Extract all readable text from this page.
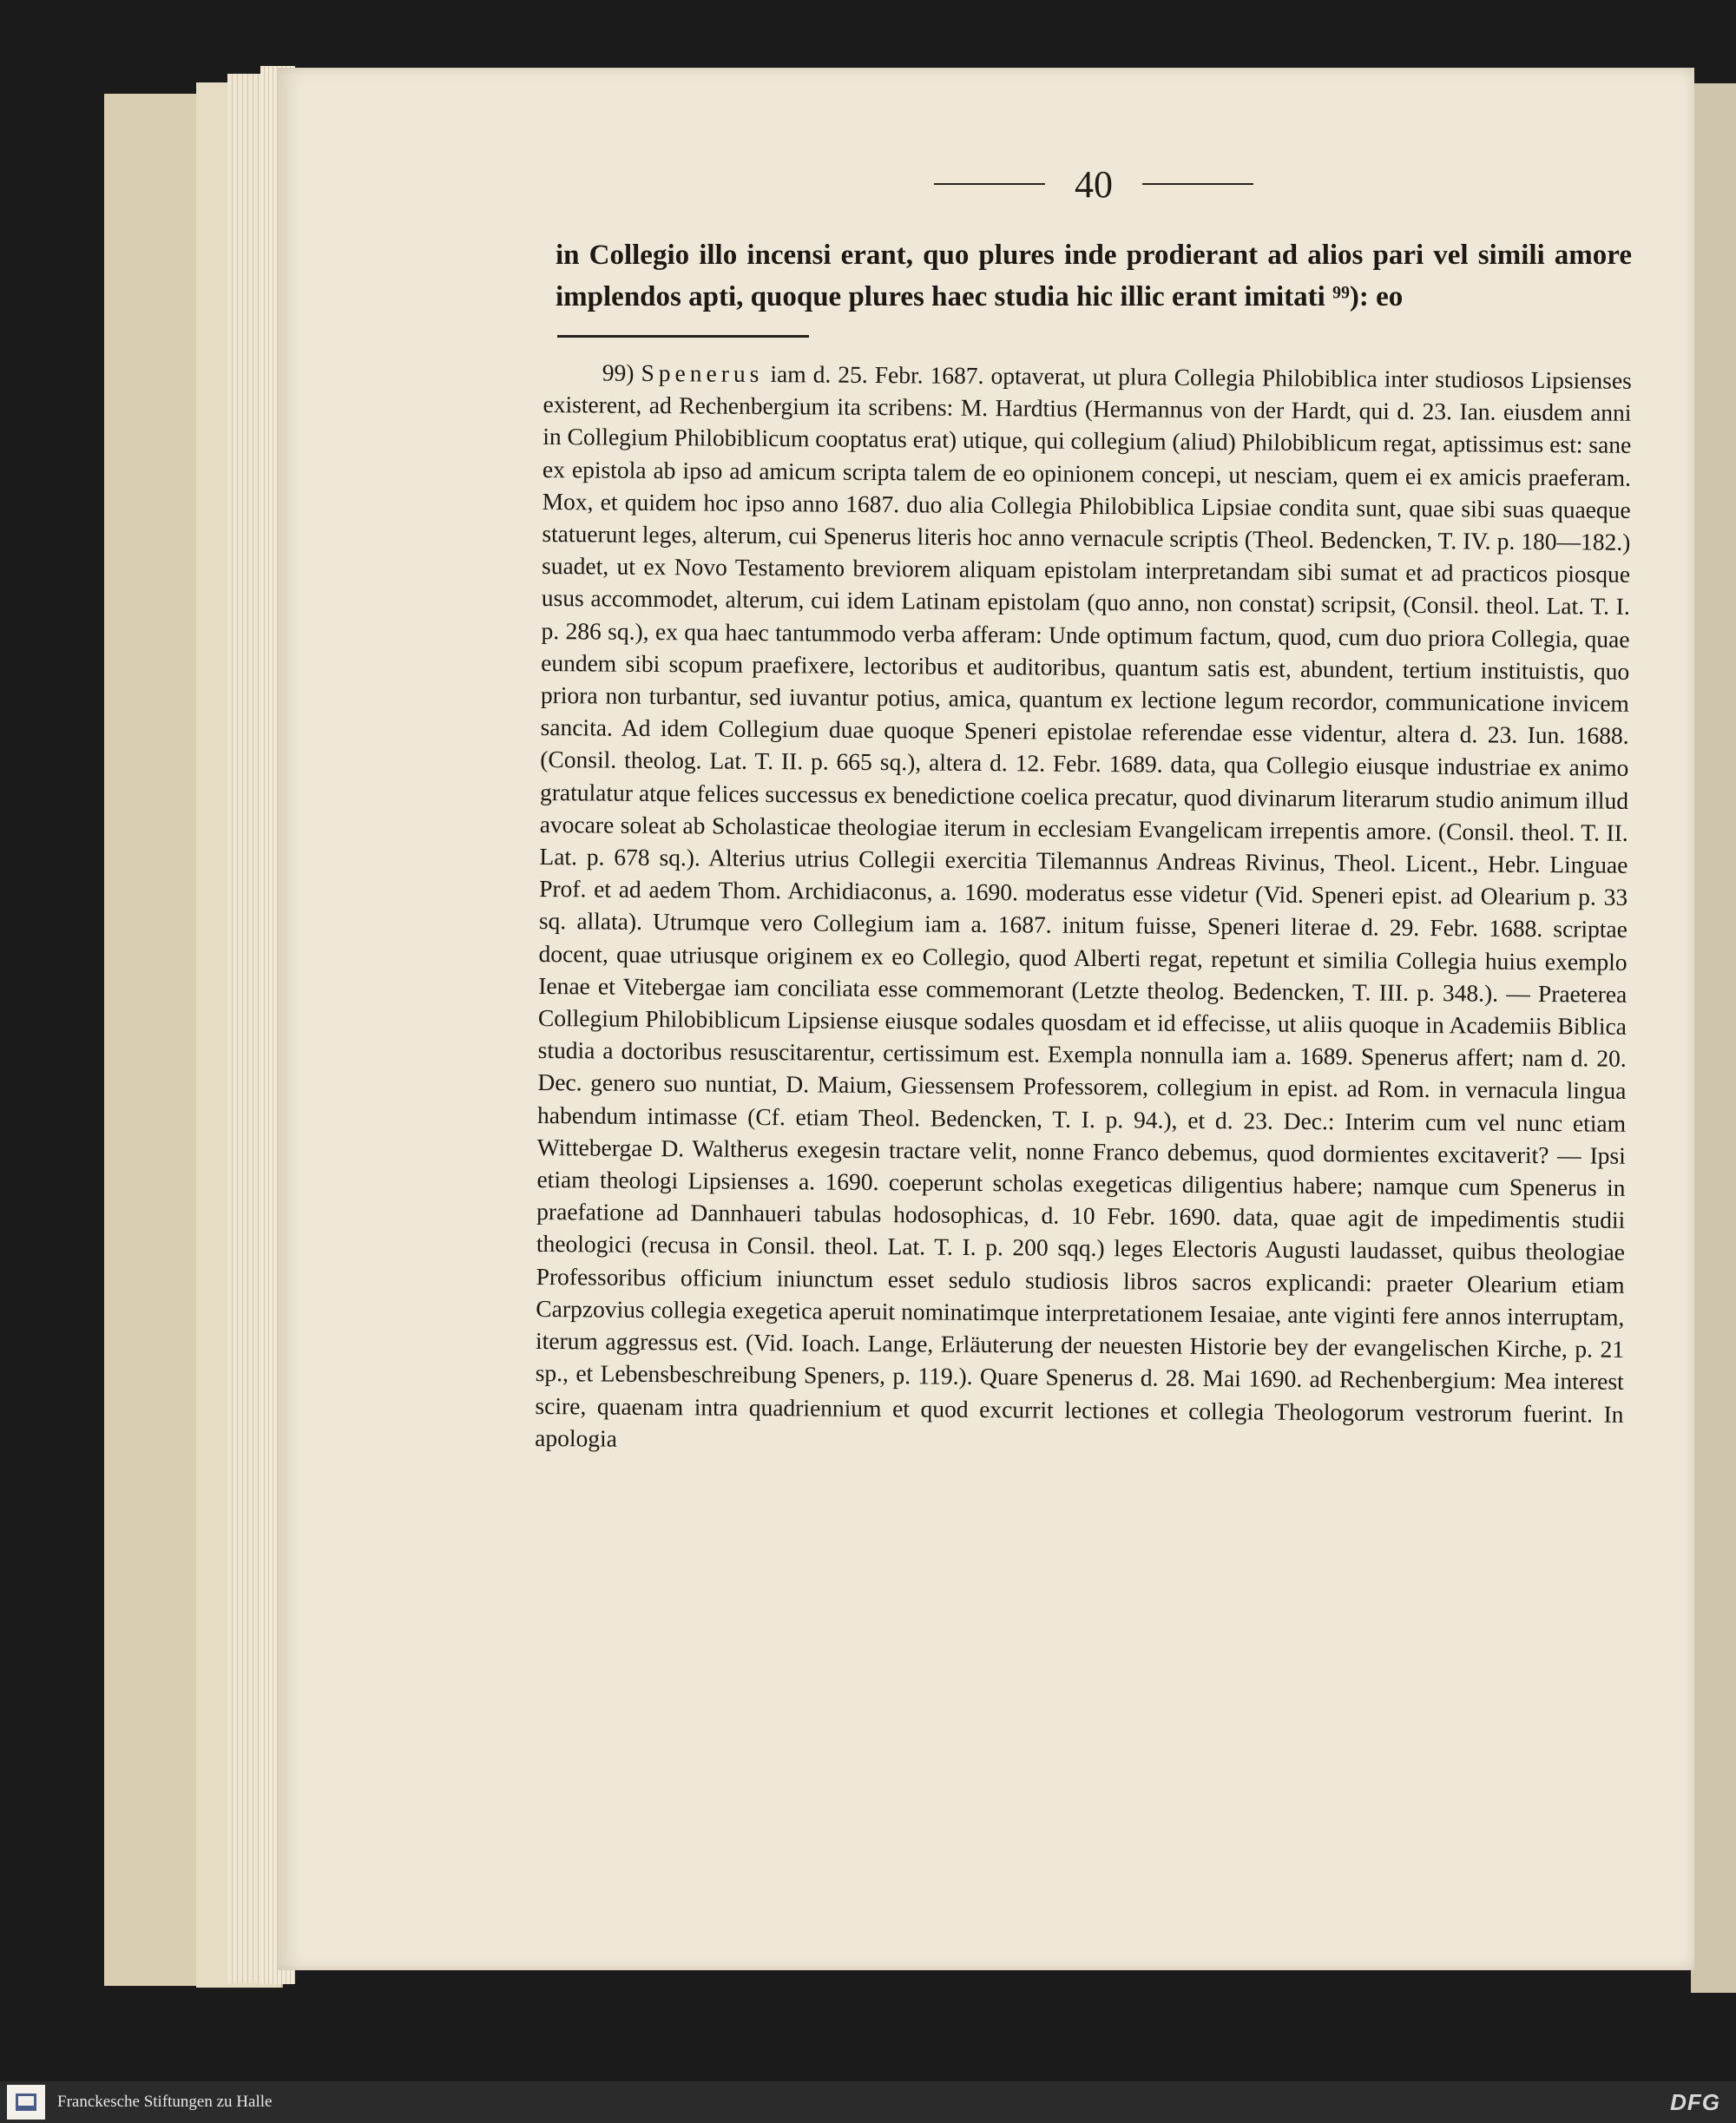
40
in Collegio illo incensi erant, quo plures inde prodierant ad alios pari vel simili amore implendos apti, quoque plures haec studia hic illic erant imitati ⁹⁹): eo

99) Spenerus iam d. 25. Febr. 1687. optaverat, ut plura Collegia Philobiblica inter studiosos Lipsienses existerent, ad Rechenbergium ita scribens: M. Hardtius (Hermannus von der Hardt, qui d. 23. Ian. eiusdem anni in Collegium Philobiblicum cooptatus erat) utique, qui collegium (aliud) Philobiblicum regat, aptissimus est: sane ex epistola ab ipso ad amicum scripta talem de eo opinionem concepi, ut nesciam, quem ei ex amicis praeferam. Mox, et quidem hoc ipso anno 1687. duo alia Collegia Philobiblica Lipsiae condita sunt, quae sibi suas quaeque statuerunt leges, alterum, cui Spenerus literis hoc anno vernacule scriptis (Theol. Bedencken, T. IV. p. 180—182.) suadet, ut ex Novo Testamento breviorem aliquam epistolam interpretandam sibi sumat et ad practicos piosque usus accommodet, alterum, cui idem Latinam epistolam (quo anno, non constat) scripsit, (Consil. theol. Lat. T. I. p. 286 sq.), ex qua haec tantummodo verba afferam: Unde optimum factum, quod, cum duo priora Collegia, quae eundem sibi scopum praefixere, lectoribus et auditoribus, quantum satis est, abundent, tertium instituistis, quo priora non turbantur, sed iuvantur potius, amica, quantum ex lectione legum recordor, communicatione invicem sancita. Ad idem Collegium duae quoque Speneri epistolae referendae esse videntur, altera d. 23. Iun. 1688. (Consil. theolog. Lat. T. II. p. 665 sq.), altera d. 12. Febr. 1689. data, qua Collegio eiusque industriae ex animo gratulatur atque felices successus ex benedictione coelica precatur, quod divinarum literarum studio animum illud avocare soleat ab Scholasticae theologiae iterum in ecclesiam Evangelicam irrepentis amore. (Consil. theol. T. II. Lat. p. 678 sq.). Alterius utrius Collegii exercitia Tilemannus Andreas Rivinus, Theol. Licent., Hebr. Linguae Prof. et ad aedem Thom. Archidiaconus, a. 1690. moderatus esse videtur (Vid. Speneri epist. ad Olearium p. 33 sq. allata). Utrumque vero Collegium iam a. 1687. initum fuisse, Speneri literae d. 29. Febr. 1688. scriptae docent, quae utriusque originem ex eo Collegio, quod Alberti regat, repetunt et similia Collegia huius exemplo Ienae et Vitebergae iam conciliata esse commemorant (Letzte theolog. Bedencken, T. III. p. 348.). — Praeterea Collegium Philobiblicum Lipsiense eiusque sodales quosdam et id effecisse, ut aliis quoque in Academiis Biblica studia a doctoribus resuscitarentur, certissimum est. Exempla nonnulla iam a. 1689. Spenerus affert; nam d. 20. Dec. genero suo nuntiat, D. Maium, Giessensem Professorem, collegium in epist. ad Rom. in vernacula lingua habendum intimasse (Cf. etiam Theol. Bedencken, T. I. p. 94.), et d. 23. Dec.: Interim cum vel nunc etiam Wittebergae D. Waltherus exegesin tractare velit, nonne Franco debemus, quod dormientes excitaverit? — Ipsi etiam theologi Lipsienses a. 1690. coeperunt scholas exegeticas diligentius habere; namque cum Spenerus in praefatione ad Dannhaueri tabulas hodosophicas, d. 10 Febr. 1690. data, quae agit de impedimentis studii theologici (recusa in Consil. theol. Lat. T. I. p. 200 sqq.) leges Electoris Augusti laudasset, quibus theologiae Professoribus officium iniunctum esset sedulo studiosis libros sacros explicandi: praeter Olearium etiam Carpzovius collegia exegetica aperuit nominatimque interpretationem Iesaiae, ante viginti fere annos interruptam, iterum aggressus est. (Vid. Ioach. Lange, Erläuterung der neuesten Historie bey der evangelischen Kirche, p. 21 sp., et Lebensbeschreibung Speners, p. 119.). Quare Spenerus d. 28. Mai 1690. ad Rechenbergium: Mea interest scire, quaenam intra quadriennium et quod excurrit lectiones et collegia Theologorum vestrorum fuerint. In apologia

Franckesche Stiftungen zu Halle	DFG
